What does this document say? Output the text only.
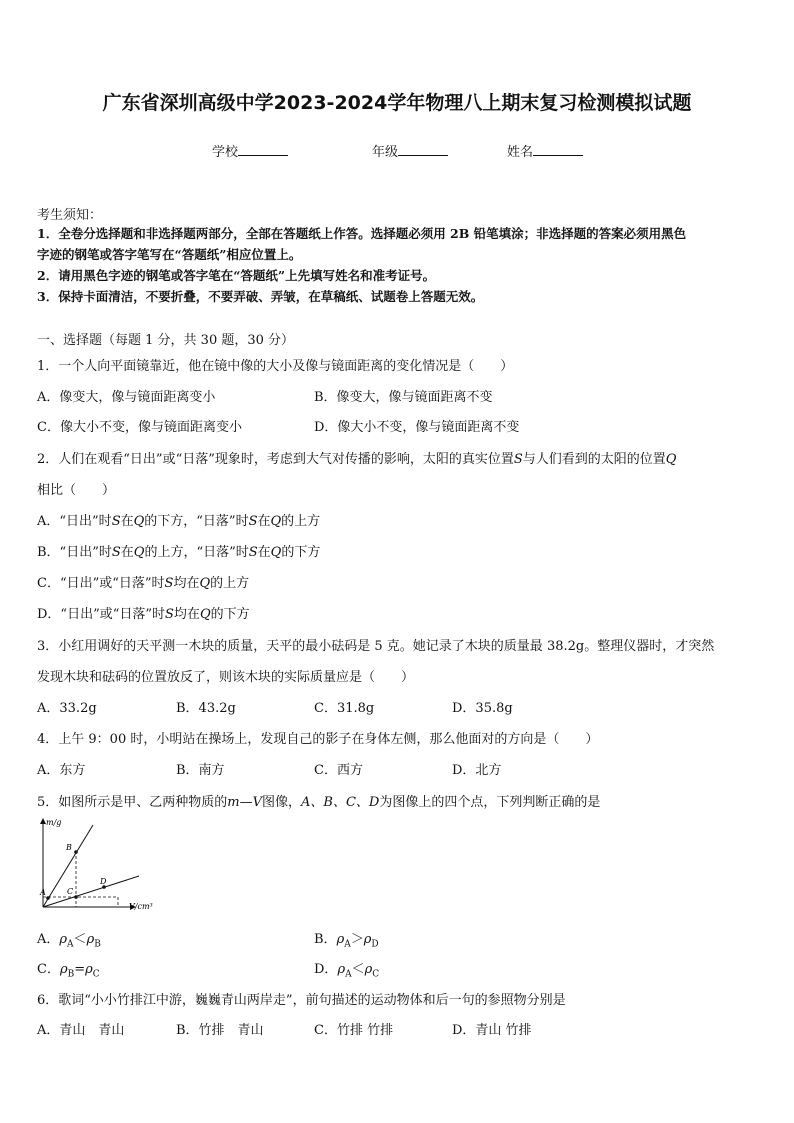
广东省深圳高级中学2023-2024学年物理八上期末复习检测模拟试题
学校	年级	姓名
考生须知：
1．全卷分选择题和非选择题两部分，全部在答题纸上作答。选择题必须用 2B 铅笔填涂；非选择题的答案必须用黑色
字迹的钢笔或答字笔写在“答题纸”相应位置上。
2．请用黑色字迹的钢笔或答字笔在“答题纸”上先填写姓名和准考证号。
3．保持卡面清洁，不要折叠，不要弄破、弄皱，在草稿纸、试题卷上答题无效。
一、选择题（每题 1 分，共 30 题，30 分）
1．一个人向平面镜靠近，他在镜中像的大小及像与镜面距离的变化情况是（　　）
A．像变大，像与镜面距离变小	B．像变大，像与镜面距离不变
C．像大小不变，像与镜面距离变小	D．像大小不变，像与镜面距离不变
2．人们在观看“日出”或“日落”现象时，考虑到大气对传播的影响，太阳的真实位置S与人们看到的太阳的位置Q
相比（　　）
A．“日出”时S在Q的下方，“日落”时S在Q的上方
B．“日出”时S在Q的上方，“日落”时S在Q的下方
C．“日出”或“日落”时S均在Q的上方
D．“日出”或“日落”时S均在Q的下方
3．小红用调好的天平测一木块的质量，天平的最小砝码是 5 克。她记录了木块的质量最 38.2g。整理仪器时，才突然
发现木块和砝码的位置放反了，则该木块的实际质量应是（　　）
A．33.2g	B．43.2g	C．31.8g	D．35.8g
4．上午 9：00 时，小明站在操场上，发现自己的影子在身体左侧，那么他面对的方向是（　　）
A．东方	B．南方	C．西方	D．北方
5．如图所示是甲、乙两种物质的m—V图像，A、B、C、D为图像上的四个点，下列判断正确的是
m/g
V/cm³
A
B
C
D
A．$\rho_A<\rho_B$	B．$\rho_A>\rho_D$
C．$\rho_B=\rho_C$	D．$\rho_A<\rho_C$
6．歌词“小小竹排江中游，巍巍青山两岸走”，前句描述的运动物体和后一句的参照物分别是
A．青山　青山	B．竹排　青山	C．竹排 竹排	D．青山 竹排
